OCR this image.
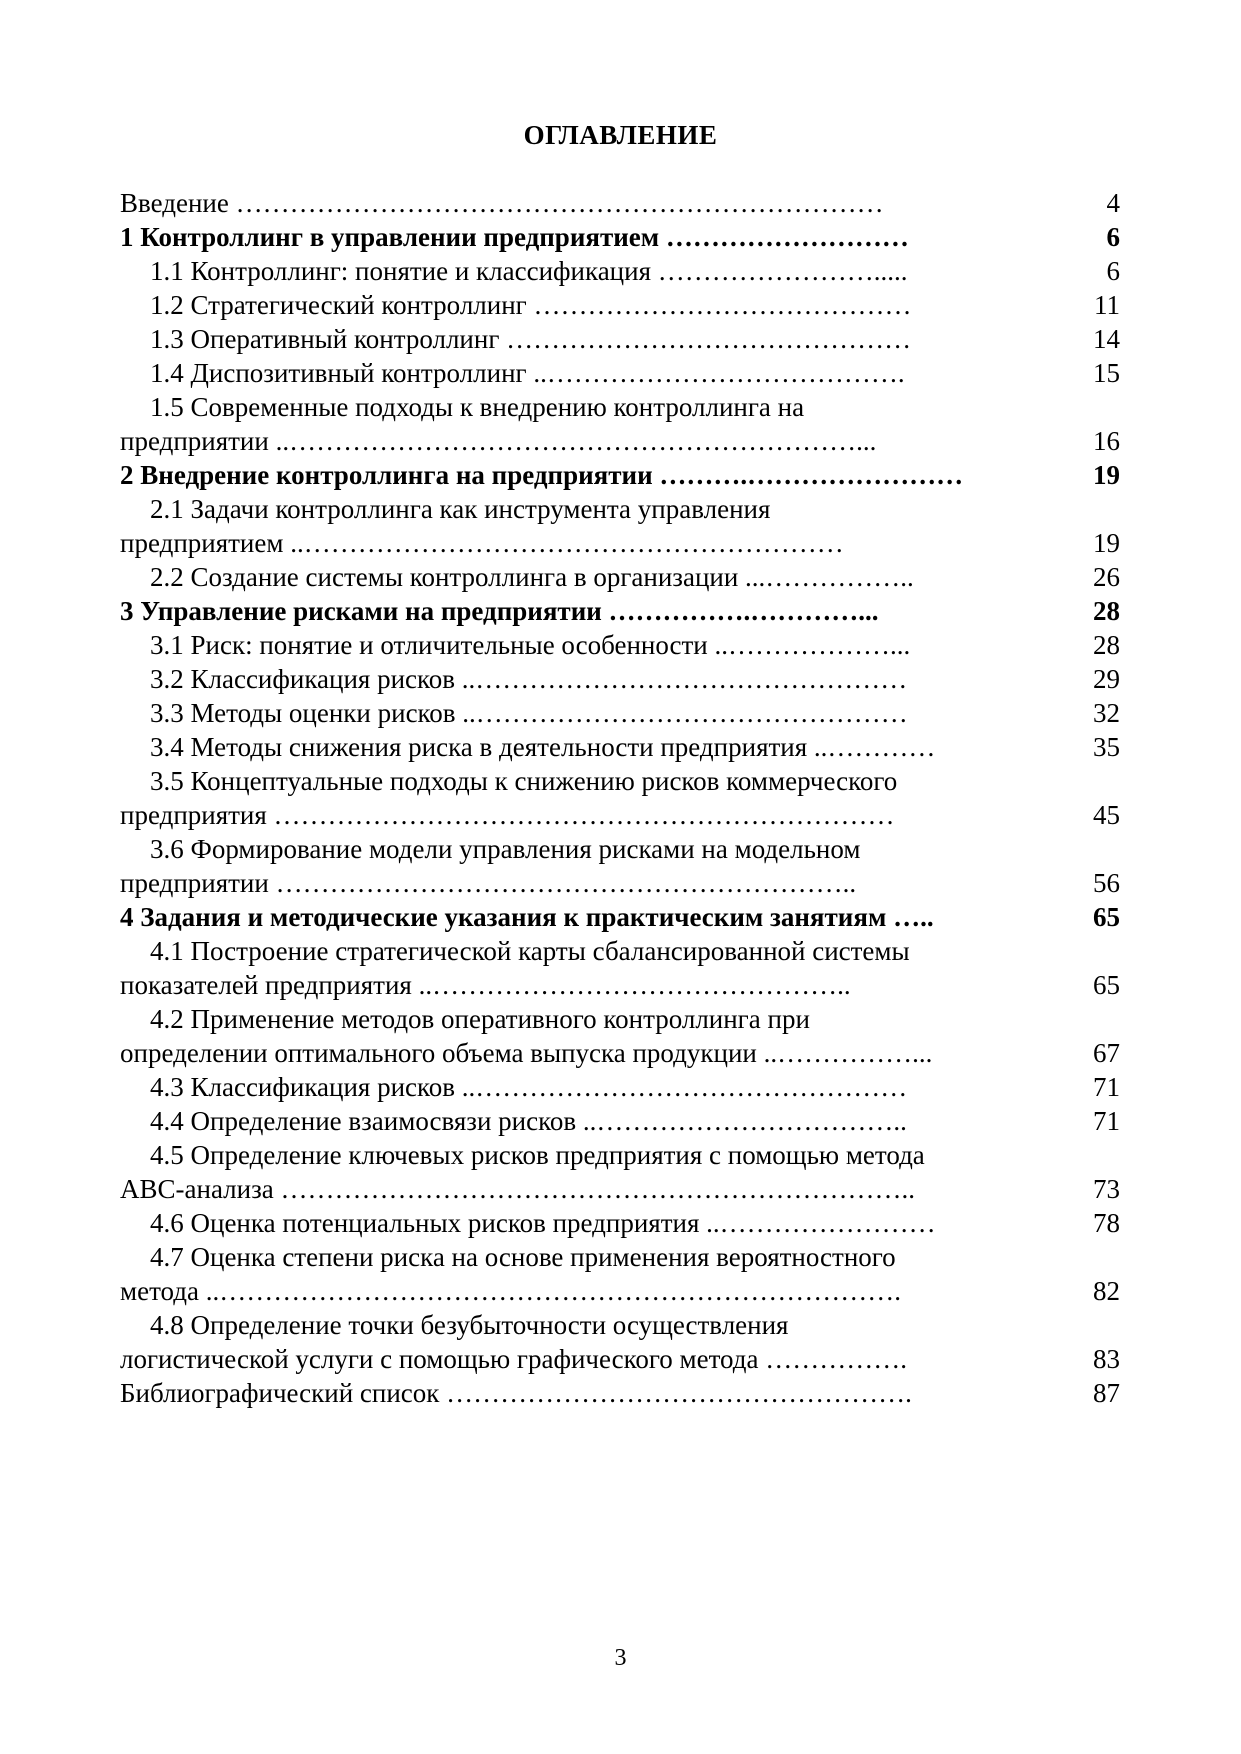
ОГЛАВЛЕНИЕ
Введение ………………………………………………………………	4
1 Контроллинг в управлении предприятием ………………………	6
1.1 Контроллинг: понятие и классификация …………………….....	6
1.2 Стратегический контроллинг ……………………………………	11
1.3 Оперативный контроллинг ………………………………………	14
1.4 Диспозитивный контроллинг ..………………………………….	15
1.5 Современные подходы к внедрению контроллинга на
предприятии ..………………………………………………………...	16
2 Внедрение контроллинга на предприятии ……….……………………	19
2.1 Задачи контроллинга как инструмента управления
предприятием ..……………………………………………………	19
2.2 Создание системы контроллинга в организации ...……………..	26
3 Управление рисками на предприятии …………….…………...	28
3.1 Риск: понятие и отличительные особенности ..………………...	28
3.2 Классификация рисков ..…………………………………………	29
3.3 Методы оценки рисков ..…………………………………………	32
3.4 Методы снижения риска в деятельности предприятия ..…………	35
3.5 Концептуальные подходы к снижению рисков коммерческого
предприятия ……………………………………………………………	45
3.6 Формирование модели управления рисками на модельном
предприятии ………………………………………………………..	56
4 Задания и методические указания к практическим занятиям …..	65
4.1 Построение стратегической карты сбалансированной системы
показателей предприятия ..………………………………………..	65
4.2 Применение методов оперативного контроллинга при
определении оптимального объема выпуска продукции ..……………...	67
4.3 Классификация рисков ..…………………………………………	71
4.4 Определение взаимосвязи рисков ..……………………………..	71
4.5 Определение ключевых рисков предприятия с помощью метода
АВС-анализа ……………………………………………………………..	73
4.6 Оценка потенциальных рисков предприятия ..……………………	78
4.7 Оценка степени риска на основе применения вероятностного
метода ..………………………………………………………………….	82
4.8 Определение точки безубыточности осуществления
логистической услуги с помощью графического метода …………….	83
Библиографический список …………………………………………….	87
3
